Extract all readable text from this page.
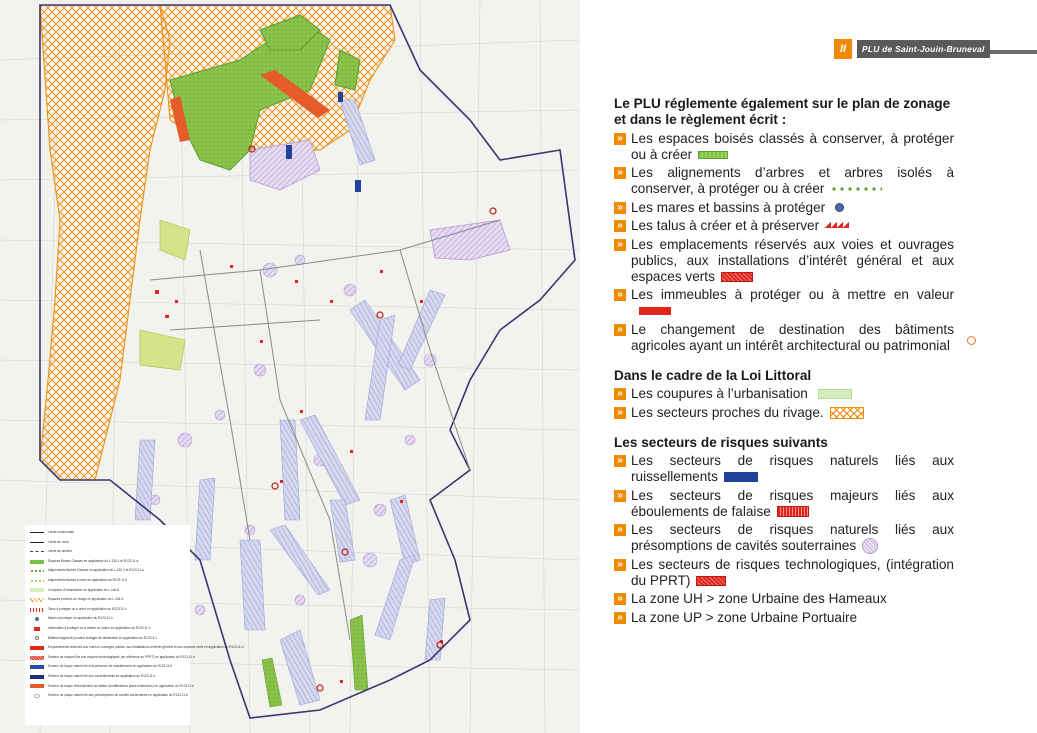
Limite communale
Limite de zone
Limite de secteur
Espaces Boisés Classés en application du L.130.1 et R123.11.a
Alignements Boisés Classés en application du L.130.1 et R123.11.a
Alignements Boisés à créer en application du R123.11.h
Coupures d'urbanisation en application du L.146-6
Espaces proches du rivage en application du L.146-4
Talus à protéger ou à créer en application du R123.11.h
Mares à protéger en application du R123.11.h
Immeubles à protéger ou à mettre en valeur en application du R123.11.h
Bâtiment agricole pouvant changer de destination en application du R123.3-1
Emplacements réservés aux voies et ouvrages publics, aux installations d'intérêt général et aux espaces verts en application du R123.11.d
Secteur de risques liés aux risques technologiques (en référence au PPRT) en application du R123.11.b
Secteur de risque naturel lié à la présence de ruissellement en application du R123.11.b
Secteur de risque naturel lié aux ruissellements en application du R123.11.b
Secteur de risque d'éboulement de falaise (modifications plans extensions) en application du R123.11.b
Secteur de risque naturel lié aux présomptions de cavités souterraines en application du R123.11.b
II	PLU de Saint-Jouin-Bruneval
Le PLU réglemente également sur le plan de zonage et dans le règlement écrit :
» Les espaces boisés classés à conserver, à protéger ou à créer
» Les alignements d’arbres et arbres isolés à conserver, à protéger ou à créer
» Les mares et bassins à protéger
» Les talus à créer et à préserver
» Les emplacements réservés aux voies et ouvrages publics, aux installations d’intérêt général et aux espaces verts
» Les immeubles à protéger ou à mettre en valeur
» Le changement de destination des bâtiments agricoles ayant un intérêt architectural ou patrimonial
Dans le cadre de la Loi Littoral
» Les coupures à l’urbanisation
» Les secteurs proches du rivage.
Les secteurs de risques suivants
» Les secteurs de risques naturels liés aux ruissellements
» Les secteurs de risques majeurs liés aux éboulements de falaise
» Les secteurs de risques naturels liés aux présomptions de cavités souterraines
» Les secteurs de risques technologiques, (intégration du PPRT)
» La zone UH > zone Urbaine des Hameaux
» La zone UP > zone Urbaine Portuaire
